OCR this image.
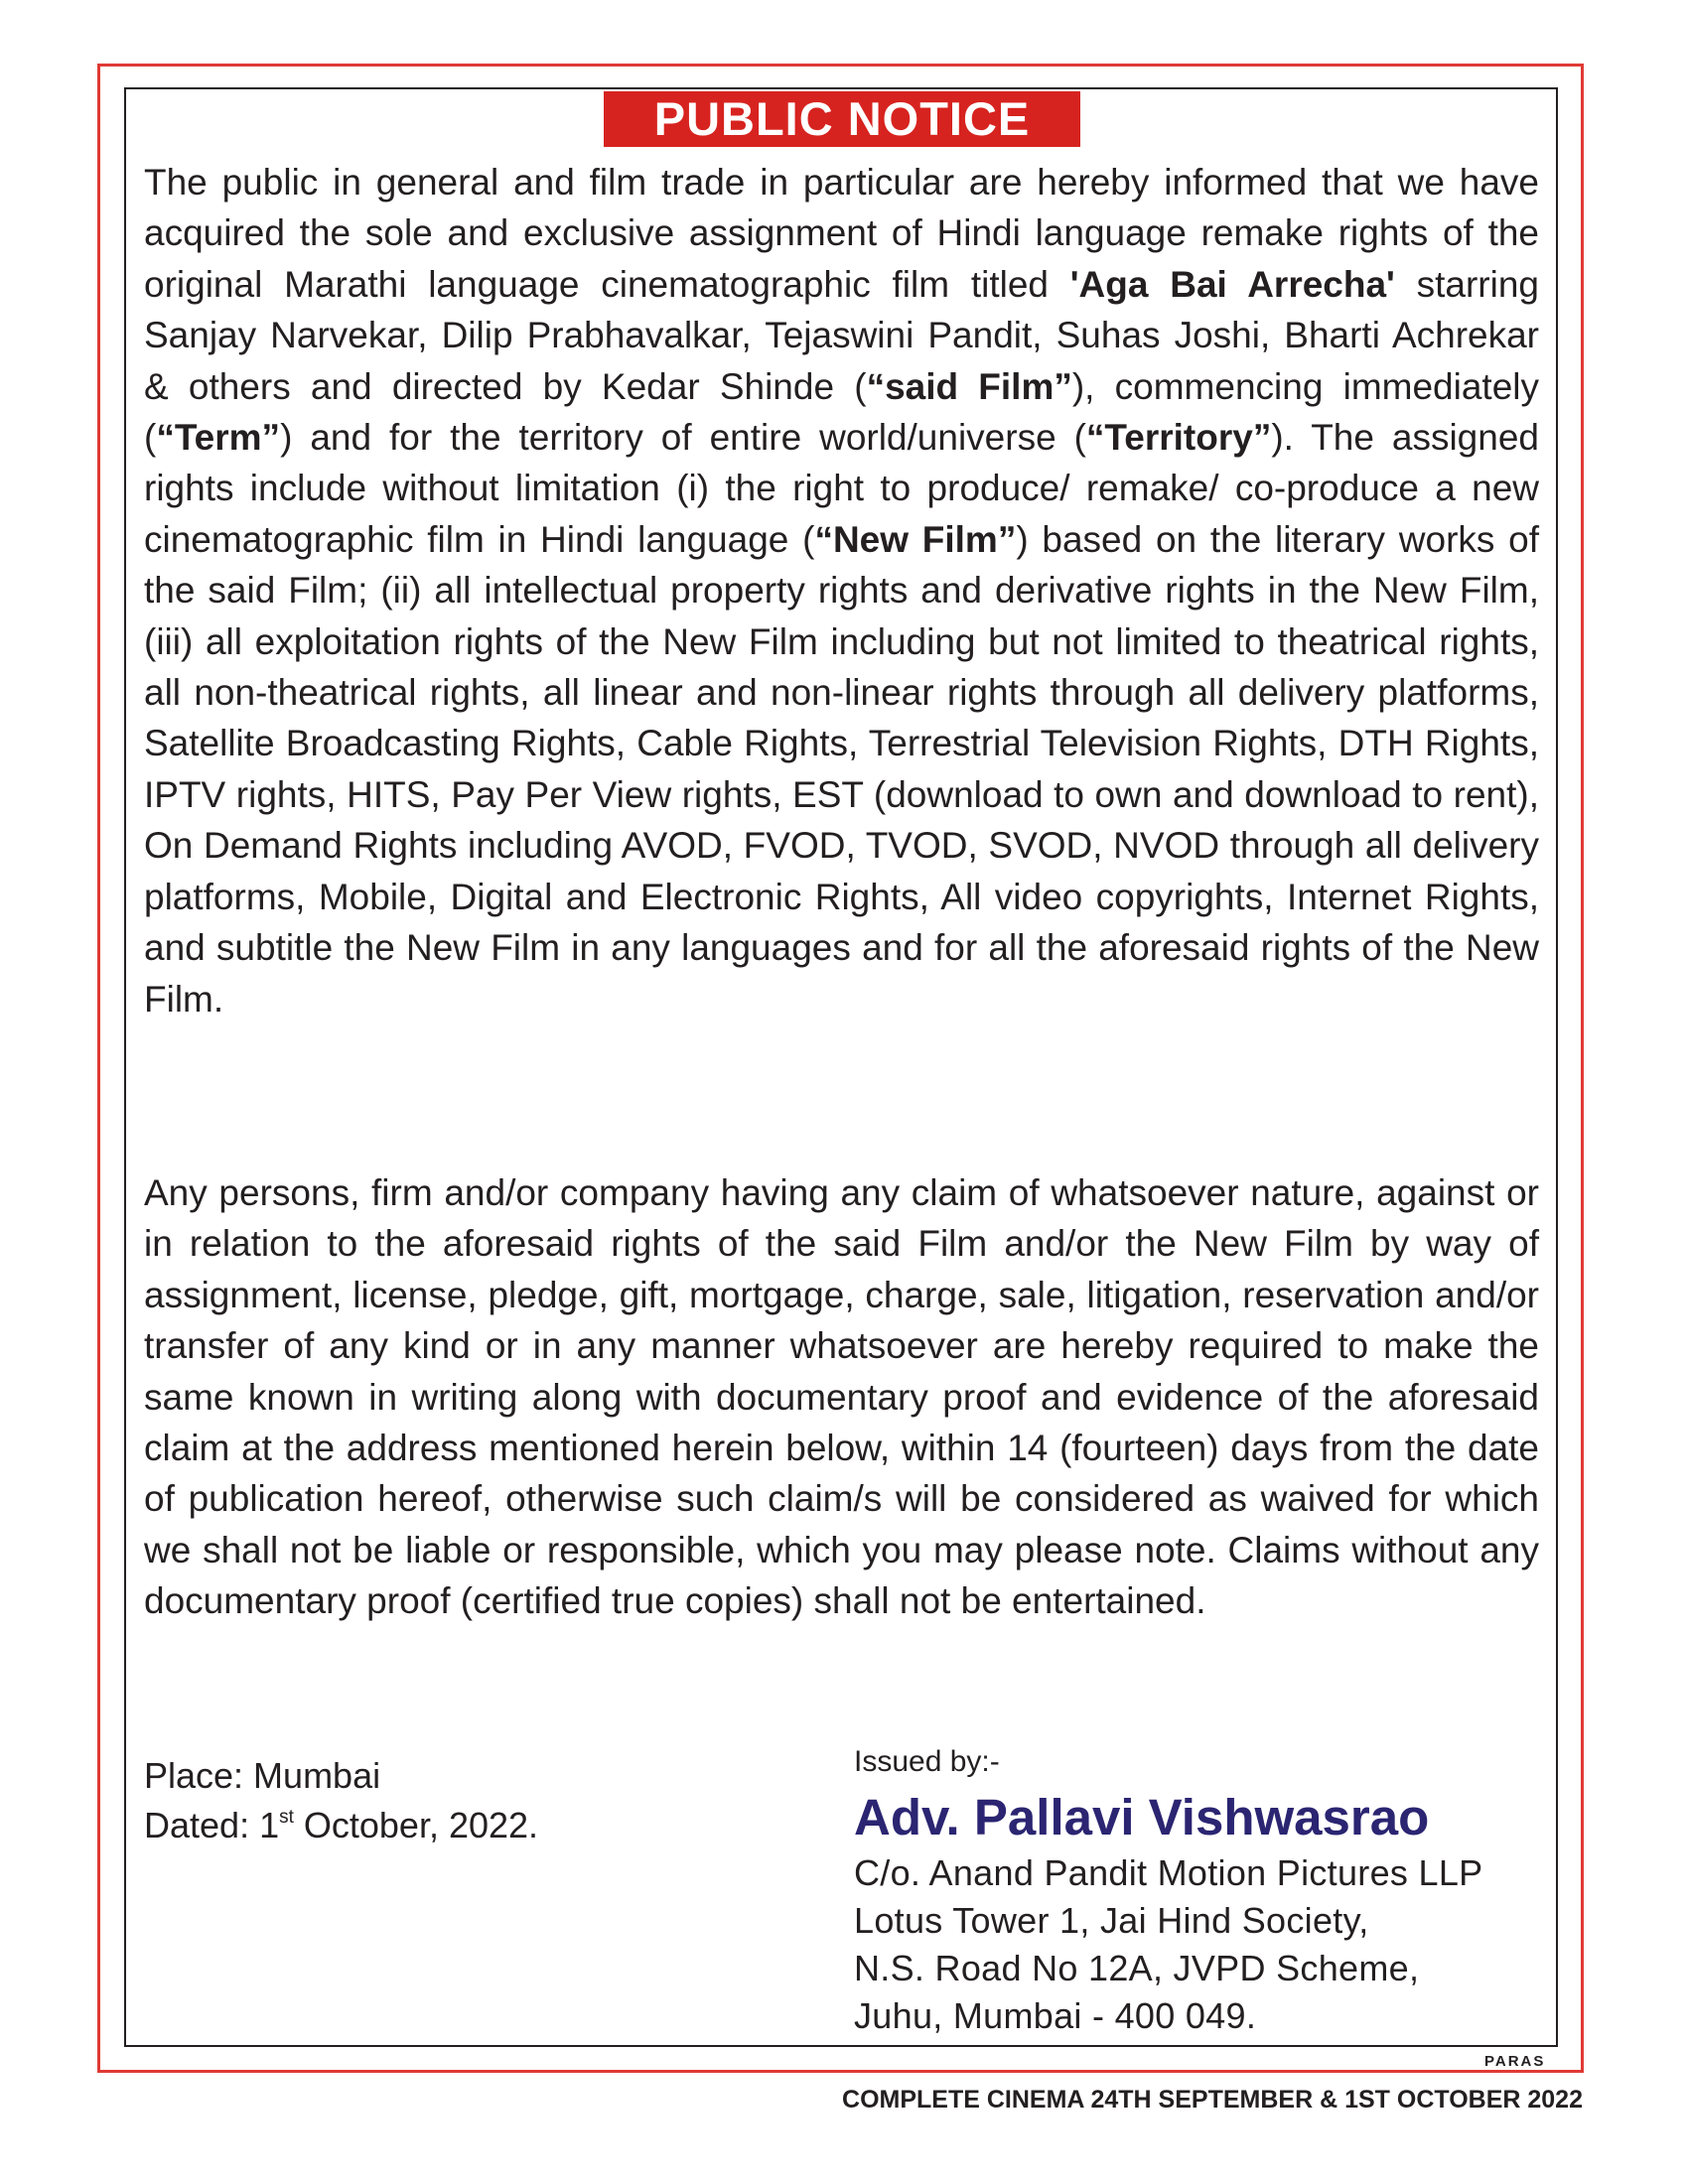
PUBLIC NOTICE

The public in general and film trade in particular are hereby informed that we have acquired the sole and exclusive assignment of Hindi language remake rights of the original Marathi language cinematographic film titled 'Aga Bai Arrecha' starring Sanjay Narvekar, Dilip Prabhavalkar, Tejaswini Pandit, Suhas Joshi, Bharti Achrekar & others and directed by Kedar Shinde (“said Film”), commencing immediately (“Term”) and for the territory of entire world/universe (“Territory”). The assigned rights include without limitation (i) the right to produce/ remake/ co-produce a new cinematographic film in Hindi language (“New Film”) based on the literary works of the said Film; (ii) all intellectual property rights and derivative rights in the New Film, (iii) all exploitation rights of the New Film including but not limited to theatrical rights, all non-theatrical rights, all linear and non-linear rights through all delivery platforms, Satellite Broadcasting Rights, Cable Rights, Terrestrial Television Rights, DTH Rights, IPTV rights, HITS, Pay Per View rights, EST (download to own and download to rent), On Demand Rights including AVOD, FVOD, TVOD, SVOD, NVOD through all delivery platforms, Mobile, Digital and Electronic Rights, All video copyrights, Internet Rights, and subtitle the New Film in any languages and for all the aforesaid rights of the New Film.

Any persons, firm and/or company having any claim of whatsoever nature, against or in relation to the aforesaid rights of the said Film and/or the New Film by way of assignment, license, pledge, gift, mortgage, charge, sale, litigation, reservation and/or transfer of any kind or in any manner whatsoever are hereby required to make the same known in writing along with documentary proof and evidence of the aforesaid claim at the address mentioned herein below, within 14 (fourteen) days from the date of publication hereof, otherwise such claim/s will be considered as waived for which we shall not be liable or responsible, which you may please note. Claims without any documentary proof (certified true copies) shall not be entertained.

Place: Mumbai
Dated: 1st October, 2022.
Issued by:-
Adv. Pallavi Vishwasrao
C/o. Anand Pandit Motion Pictures LLP
Lotus Tower 1, Jai Hind Society,
N.S. Road No 12A, JVPD Scheme,
Juhu, Mumbai - 400 049.
PARAS
COMPLETE CINEMA 24TH SEPTEMBER & 1ST OCTOBER 2022
